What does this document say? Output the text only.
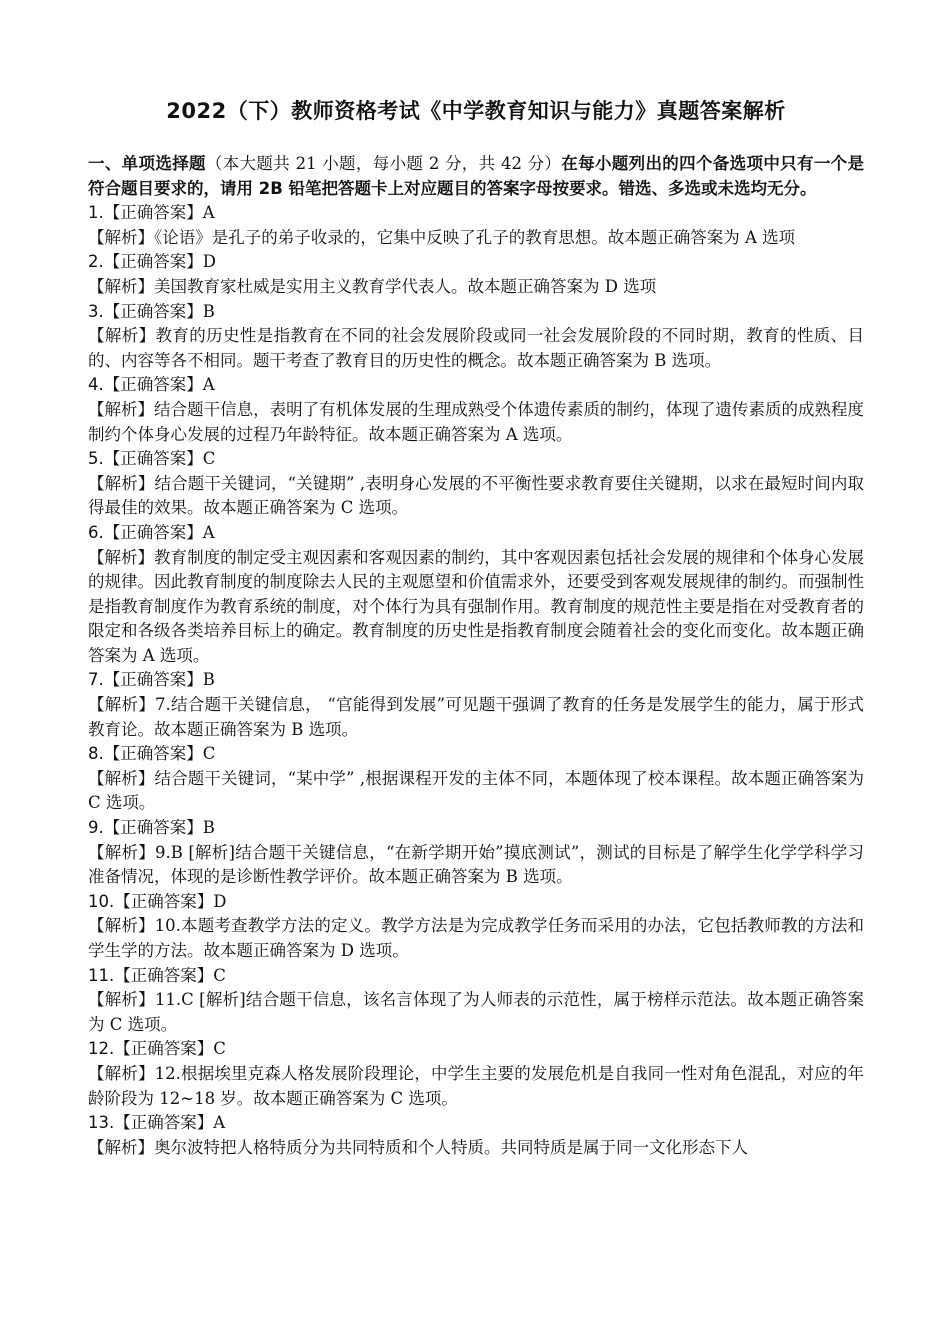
2022（下）教师资格考试《中学教育知识与能力》真题答案解析

一、单项选择题（本大题共 21 小题，每小题 2 分，共 42 分）在每小题列出的四个备选项中只有一个是符合题目要求的，请用 2B 铅笔把答题卡上对应题目的答案字母按要求。错选、多选或未选均无分。

1.【正确答案】A

【解析】《论语》是孔子的弟子收录的，它集中反映了孔子的教育思想。故本题正确答案为 A 选项

2.【正确答案】D

【解析】美国教育家杜威是实用主义教育学代表人。故本题正确答案为 D 选项

3.【正确答案】B

【解析】教育的历史性是指教育在不同的社会发展阶段或同一社会发展阶段的不同时期，教育的性质、目的、内容等各不相同。题干考查了教育目的历史性的概念。故本题正确答案为 B 选项。

4.【正确答案】A

【解析】结合题干信息，表明了有机体发展的生理成熟受个体遗传素质的制约，体现了遗传素质的成熟程度制约个体身心发展的过程乃年龄特征。故本题正确答案为 A 选项。

5.【正确答案】C

【解析】结合题干关键词，“关键期” ,表明身心发展的不平衡性要求教育要住关键期，以求在最短时间内取得最佳的效果。故本题正确答案为 C 选项。

6.【正确答案】A

【解析】教育制度的制定受主观因素和客观因素的制约，其中客观因素包括社会发展的规律和个体身心发展的规律。因此教育制度的制度除去人民的主观愿望和价值需求外，还要受到客观发展规律的制约。而强制性是指教育制度作为教育系统的制度，对个体行为具有强制作用。教育制度的规范性主要是指在对受教育者的限定和各级各类培养目标上的确定。教育制度的历史性是指教育制度会随着社会的变化而变化。故本题正确答案为 A 选项。

7.【正确答案】B

【解析】7.结合题干关键信息， “官能得到发展”可见题干强调了教育的任务是发展学生的能力，属于形式教育论。故本题正确答案为 B 选项。

8.【正确答案】C

【解析】结合题干关键词，“某中学” ,根据课程开发的主体不同，本题体现了校本课程。故本题正确答案为 C 选项。

9.【正确答案】B

【解析】9.B [解析]结合题干关键信息，“在新学期开始”摸底测试”，测试的目标是了解学生化学学科学习准备情况，体现的是诊断性教学评价。故本题正确答案为 B 选项。

10.【正确答案】D

【解析】10.本题考查教学方法的定义。教学方法是为完成教学任务而采用的办法，它包括教师教的方法和学生学的方法。故本题正确答案为 D 选项。

11.【正确答案】C

【解析】11.C [解析]结合题干信息，该名言体现了为人师表的示范性，属于榜样示范法。故本题正确答案为 C 选项。

12.【正确答案】C

【解析】12.根据埃里克森人格发展阶段理论，中学生主要的发展危机是自我同一性对角色混乱，对应的年龄阶段为 12~18 岁。故本题正确答案为 C 选项。

13.【正确答案】A

【解析】奥尔波特把人格特质分为共同特质和个人特质。共同特质是属于同一文化形态下人
